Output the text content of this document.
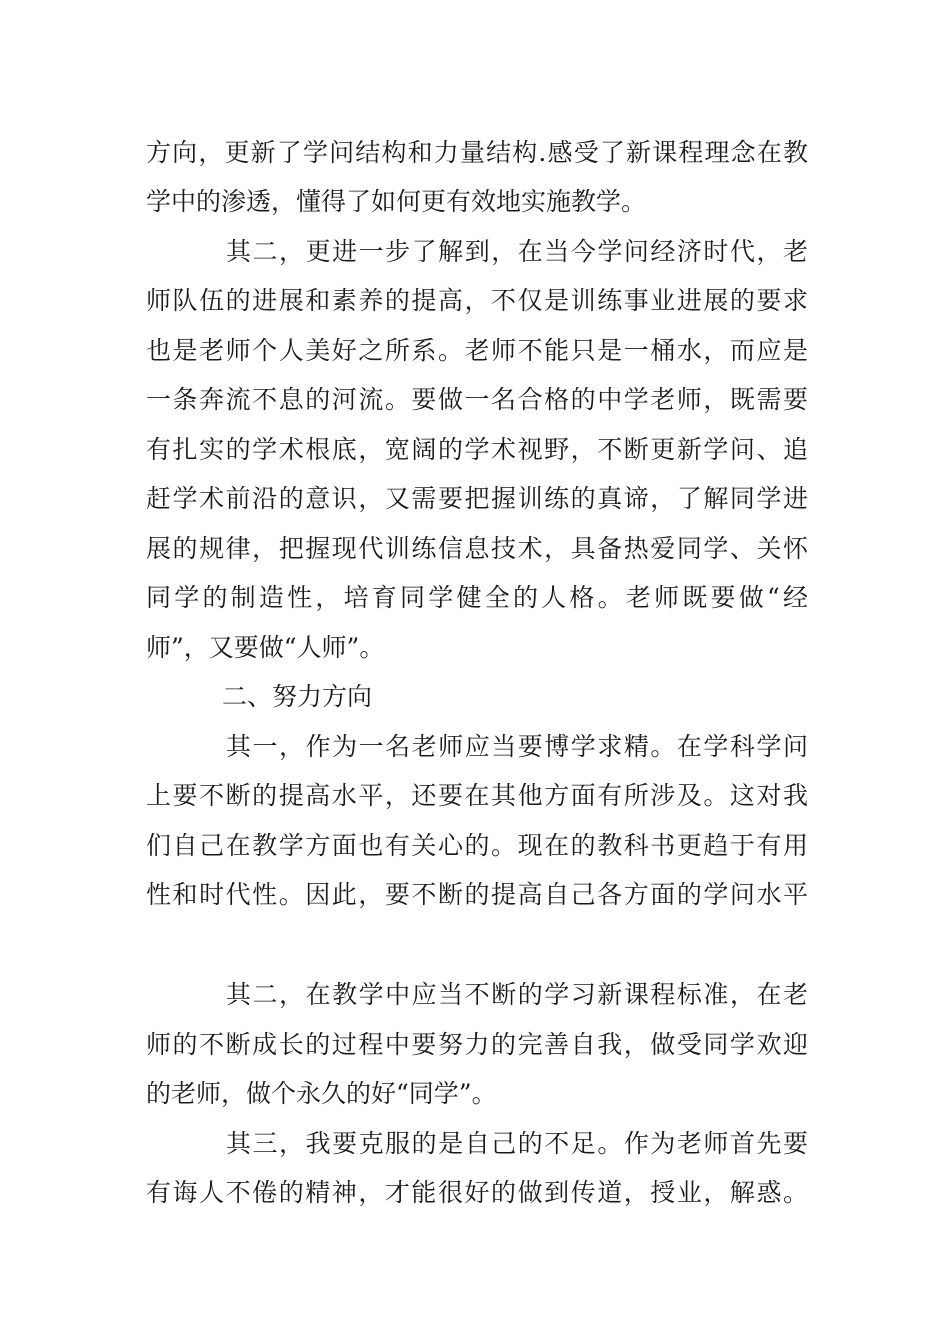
方向，更新了学问结构和力量结构.感受了新课程理念在教
学中的渗透，懂得了如何更有效地实施教学。
其二，更进一步了解到，在当今学问经济时代，老
师队伍的进展和素养的提高，不仅是训练事业进展的要求
也是老师个人美好之所系。老师不能只是一桶水，而应是
一条奔流不息的河流。要做一名合格的中学老师，既需要
有扎实的学术根底，宽阔的学术视野，不断更新学问、追
赶学术前沿的意识，又需要把握训练的真谛，了解同学进
展的规律，把握现代训练信息技术，具备热爱同学、关怀
同学的制造性，培育同学健全的人格。老师既要做“经
师”，又要做“人师”。
二、努力方向
其一，作为一名老师应当要博学求精。在学科学问
上要不断的提高水平，还要在其他方面有所涉及。这对我
们自己在教学方面也有关心的。现在的教科书更趋于有用
性和时代性。因此，要不断的提高自己各方面的学问水平
其二，在教学中应当不断的学习新课程标准，在老
师的不断成长的过程中要努力的完善自我，做受同学欢迎
的老师，做个永久的好“同学”。
其三，我要克服的是自己的不足。作为老师首先要
有诲人不倦的精神，才能很好的做到传道，授业，解惑。
